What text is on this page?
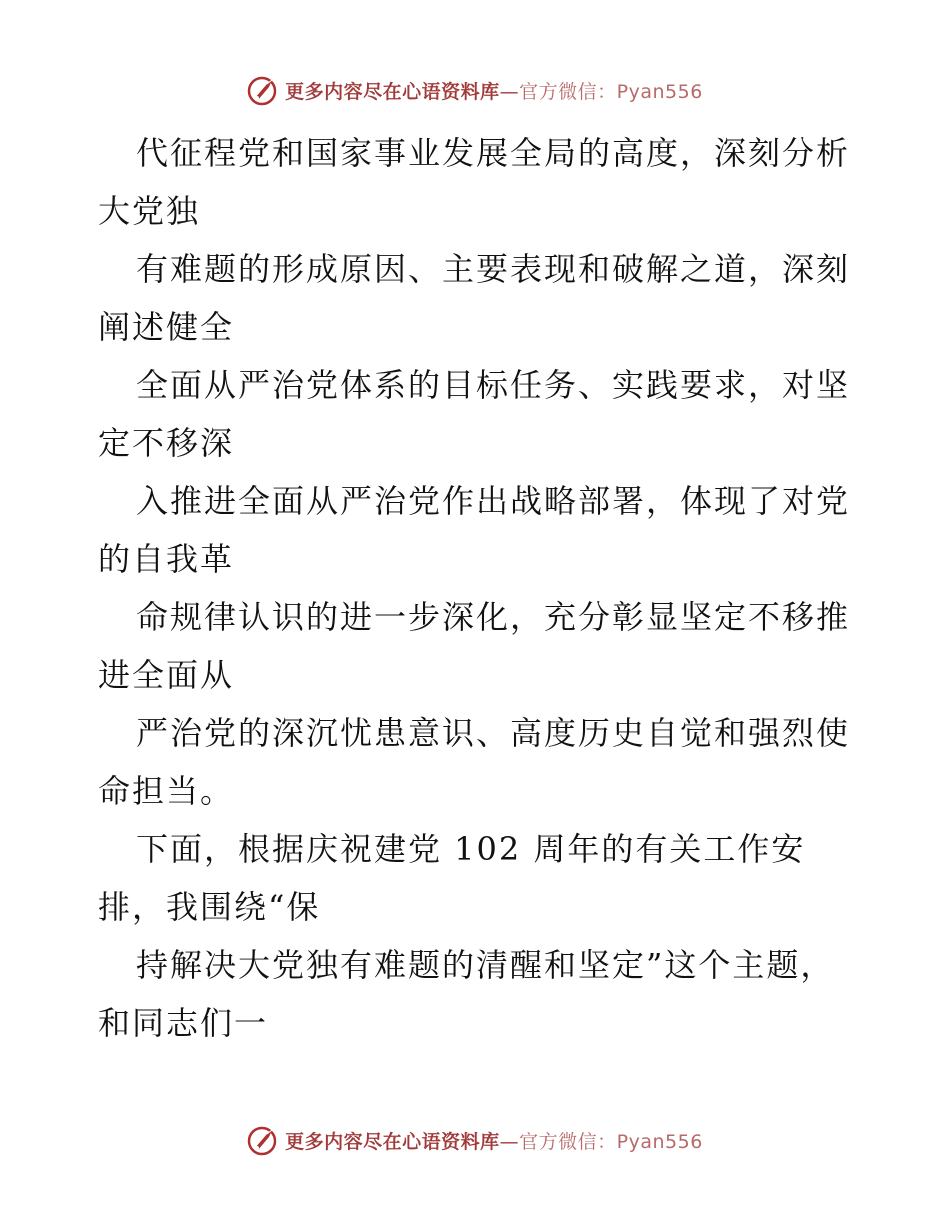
更多内容尽在心语资料库—官方微信：Pyan556
代征程党和国家事业发展全局的高度，深刻分析
大党独
有难题的形成原因、主要表现和破解之道，深刻
阐述健全
全面从严治党体系的目标任务、实践要求，对坚
定不移深
入推进全面从严治党作出战略部署，体现了对党
的自我革
命规律认识的进一步深化，充分彰显坚定不移推
进全面从
严治党的深沉忧患意识、高度历史自觉和强烈使
命担当。
下面，根据庆祝建党 102 周年的有关工作安
排，我围绕“保
持解决大党独有难题的清醒和坚定”这个主题，
和同志们一
更多内容尽在心语资料库—官方微信：Pyan556
